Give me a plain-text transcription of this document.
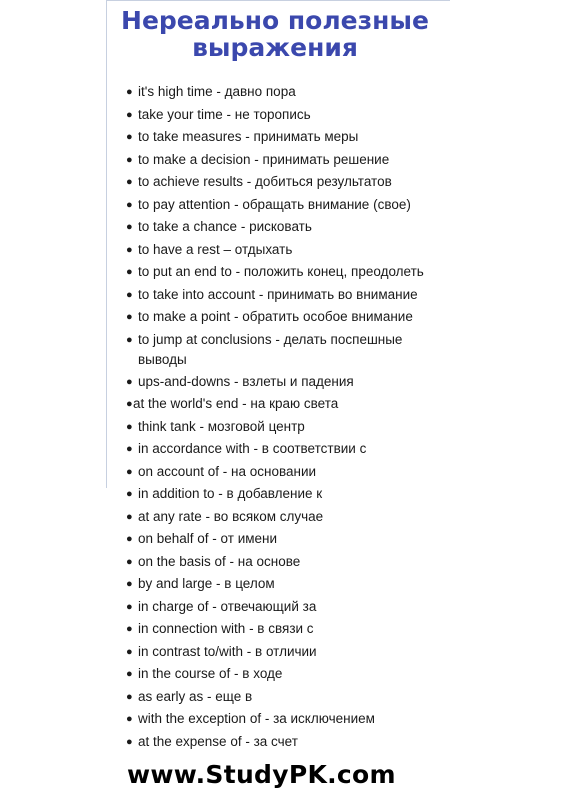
Нереально полезные
выражения
● it's high time - давно пора
● take your time - не торопись
● to take measures - принимать меры
● to make a decision - принимать решение
● to achieve results - добиться результатов
● to pay attention - обращать внимание (свое)
● to take a chance - рисковать
● to have a rest – отдыхать
● to put an end to - положить конец, преодолеть
● to take into account - принимать во внимание
● to make a point - обратить особое внимание
● to jump at conclusions - делать поспешные выводы
● ups-and-downs - взлеты и падения
● at the world's end - на краю света
● think tank - мозговой центр
● in accordance with - в соответствии с
● on account of - на основании
● in addition to - в добавление к
● at any rate - во всяком случае
● on behalf of - от имени
● on the basis of - на основе
● by and large - в целом
● in charge of - отвечающий за
● in connection with - в связи с
● in contrast to/with - в отличии
● in the course of - в ходе
● as early as - еще в
● with the exception of - за исключением
● at the expense of - за счет
www.StudyPK.com
